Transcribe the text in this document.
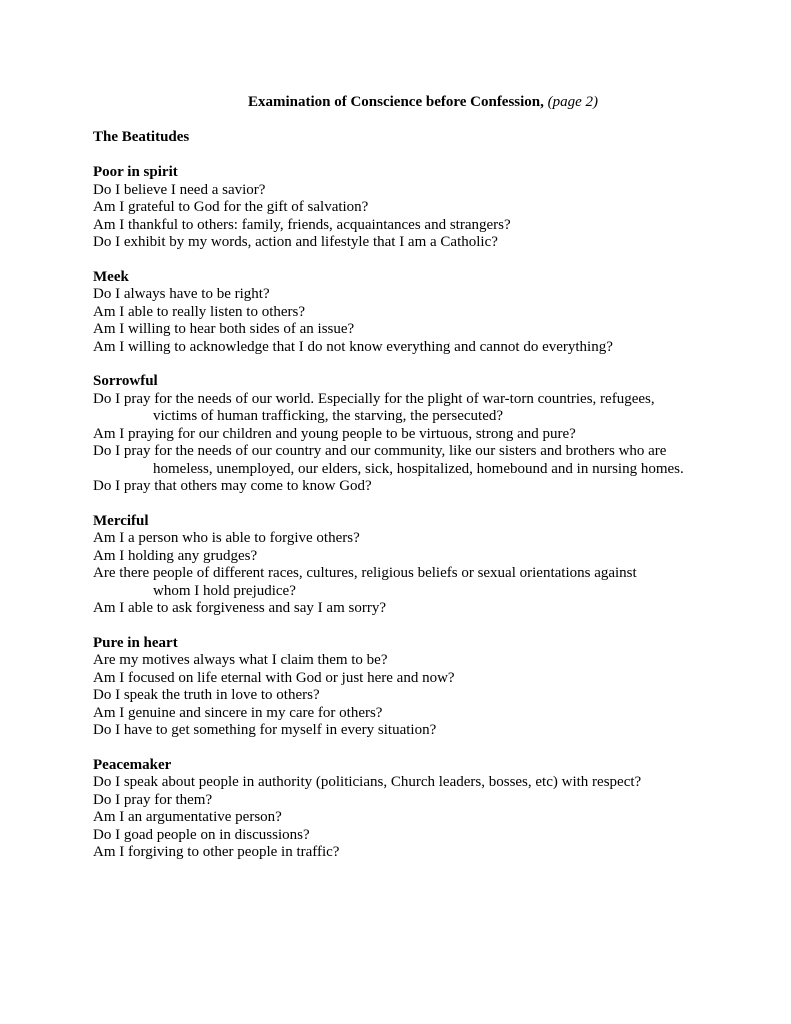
Examination of Conscience before Confession, (page 2)
The Beatitudes
Poor in spirit
Do I believe I need a savior?
Am I grateful to God for the gift of salvation?
Am I thankful to others: family, friends, acquaintances and strangers?
Do I exhibit by my words, action and lifestyle that I am a Catholic?
Meek
Do I always have to be right?
Am I able to really listen to others?
Am I willing to hear both sides of an issue?
Am I willing to acknowledge that I do not know everything and cannot do everything?
Sorrowful
Do I pray for the needs of our world. Especially for the plight of war-torn countries, refugees,
victims of human trafficking, the starving, the persecuted?
Am I praying for our children and young people to be virtuous, strong and pure?
Do I pray for the needs of our country and our community, like our sisters and brothers who are
homeless, unemployed, our elders, sick, hospitalized, homebound and in nursing homes.
Do I pray that others may come to know God?
Merciful
Am I a person who is able to forgive others?
Am I holding any grudges?
Are there people of different races, cultures, religious beliefs or sexual orientations against
whom I hold prejudice?
Am I able to ask forgiveness and say I am sorry?
Pure in heart
Are my motives always what I claim them to be?
Am I focused on life eternal with God or just here and now?
Do I speak the truth in love to others?
Am I genuine and sincere in my care for others?
Do I have to get something for myself in every situation?
Peacemaker
Do I speak about people in authority (politicians, Church leaders, bosses, etc) with respect?
Do I pray for them?
Am I an argumentative person?
Do I goad people on in discussions?
Am I forgiving to other people in traffic?
